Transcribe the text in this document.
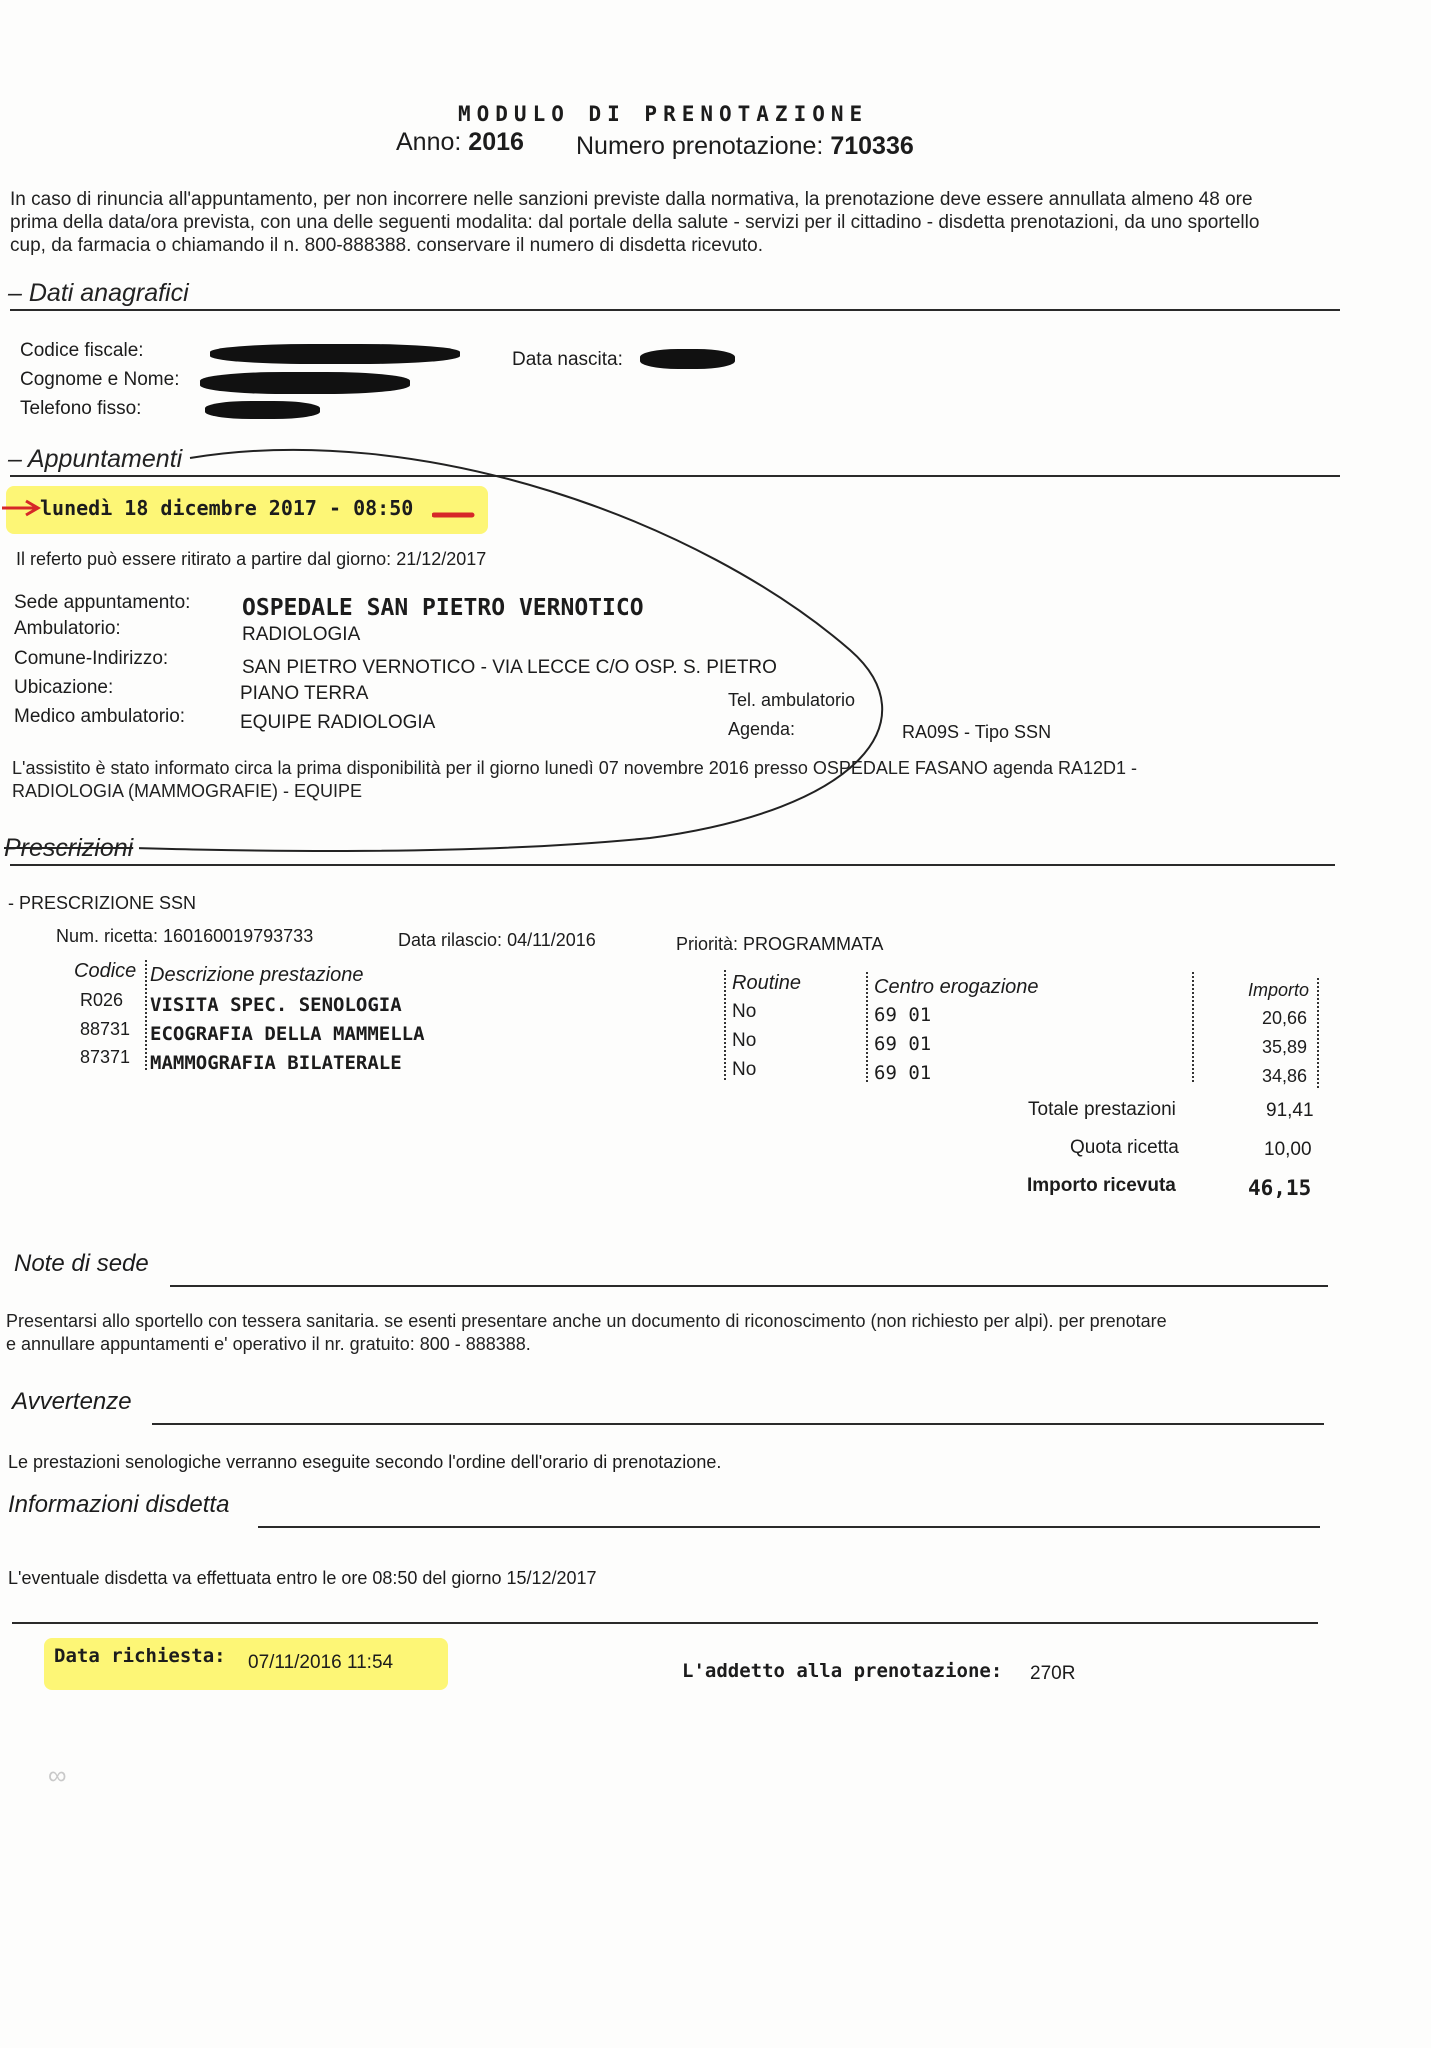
MODULO DI PRENOTAZIONE
Anno: 2016 Numero prenotazione: 710336
In caso di rinuncia all'appuntamento, per non incorrere nelle sanzioni previste dalla normativa, la prenotazione deve essere annullata almeno 48 ore
prima della data/ora prevista, con una delle seguenti modalita: dal portale della salute - servizi per il cittadino - disdetta prenotazioni, da uno sportello
cup, da farmacia o chiamando il n. 800-888388. conservare il numero di disdetta ricevuto.
– Dati anagrafici
Codice fiscale:
Cognome e Nome:
Telefono fisso:
Data nascita:
– Appuntamenti
lunedì 18 dicembre 2017 - 08:50
Il referto può essere ritirato a partire dal giorno: 21/12/2017
Sede appuntamento: OSPEDALE SAN PIETRO VERNOTICO
Ambulatorio:	RADIOLOGIA
Comune-Indirizzo:	SAN PIETRO VERNOTICO - VIA LECCE C/O OSP. S. PIETRO
Ubicazione:	PIANO TERRA	Tel. ambulatorio
Medico ambulatorio:	EQUIPE RADIOLOGIA	Agenda:	RA09S - Tipo SSN
L'assistito è stato informato circa la prima disponibilità per il giorno lunedì 07 novembre 2016 presso OSPEDALE FASANO agenda RA12D1 -
RADIOLOGIA (MAMMOGRAFIE) - EQUIPE
Prescrizioni
- PRESCRIZIONE SSN
Num. ricetta: 160160019793733	Data rilascio: 04/11/2016	Priorità: PROGRAMMATA
Codice Descrizione prestazione	Routine	Centro erogazione	Importo
R026 VISITA SPEC. SENOLOGIA	No	69 01	20,66
88731 ECOGRAFIA DELLA MAMMELLA	No	69 01	35,89
87371 MAMMOGRAFIA BILATERALE	No	69 01	34,86
Totale prestazioni	91,41
Quota ricetta	10,00
Importo ricevuta	46,15
Note di sede
Presentarsi allo sportello con tessera sanitaria. se esenti presentare anche un documento di riconoscimento (non richiesto per alpi). per prenotare
e annullare appuntamenti e' operativo il nr. gratuito: 800 - 888388.
Avvertenze
Le prestazioni senologiche verranno eseguite secondo l'ordine dell'orario di prenotazione.
Informazioni disdetta
L'eventuale disdetta va effettuata entro le ore 08:50 del giorno 15/12/2017
Data richiesta: 07/11/2016 11:54	L'addetto alla prenotazione: 270R
∞
